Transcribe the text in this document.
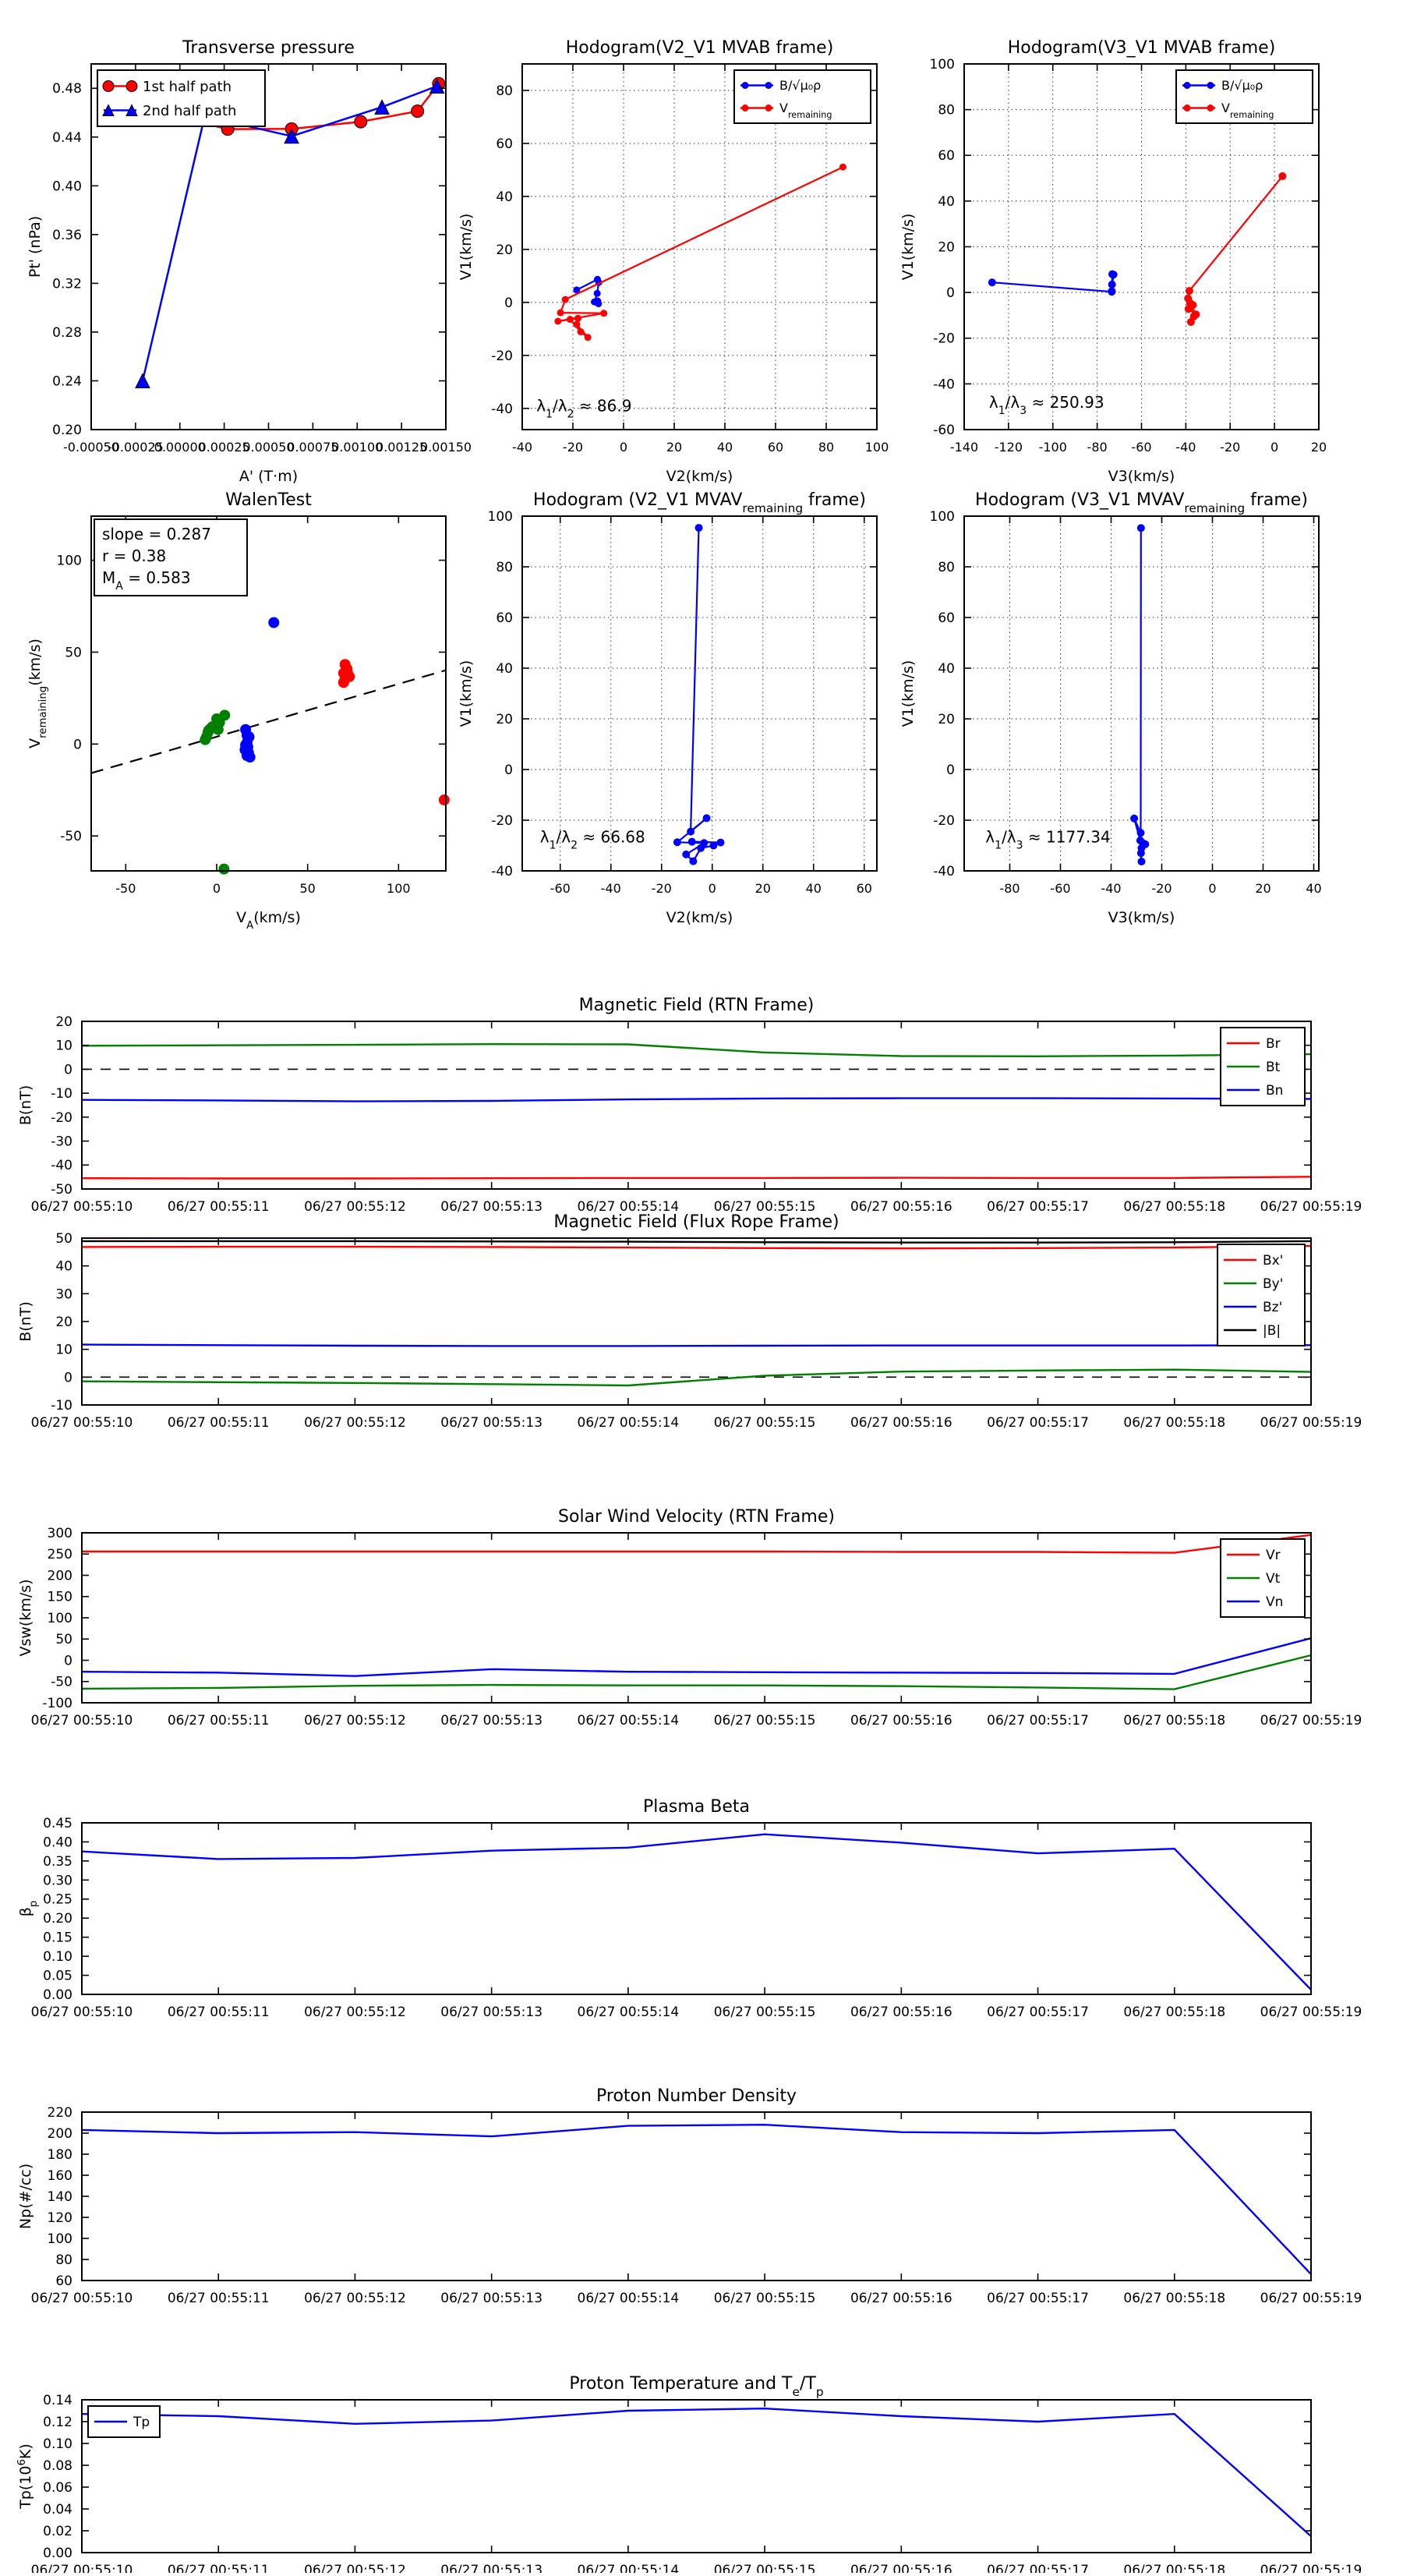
-0.00050
-0.00025
0.00000
0.00025
0.00050
0.00075
0.00100
0.00125
0.00150
0.20
0.24
0.28
0.32
0.36
0.40
0.44
0.48
Transverse pressure
A' (T·m)
Pt' (nPa)
1st half path
2nd half path
-40 -20	0	20	40	60	80 100
-40
-20
0
20
40
60
80
Hodogram(V2_V1 MVAB frame)
V2(km/s)
V1(km/s)
$\lambda_1/\lambda_2 \approx 86.9$
B/√μ₀ρ
$V_{remaining}$
-140 -120 -100 -80 -60 -40 -20 0	20
-60
-40
-20
0
20
40
60
80
100
Hodogram(V3_V1 MVAB frame)
V3(km/s)
V1(km/s)
$\lambda_1/\lambda_3 \approx 250.93$
B/√μ₀ρ
$V_{remaining}$
-50	0	50	100
-50
0
50
100
WalenTest
$V_A(km/s)$
$V_{remaining}(km/s)$
slope = 0.287
r = 0.38
$M_A = 0.583$
-60 -40 -20	0	20	40	60
-40
-20
0
20
40
60
80
100
Hodogram (V2_V1 $MVAV_{remaining}$ frame)
V2(km/s)
V1(km/s)
$\lambda_1/\lambda_2 \approx 66.68$
-80 -60 -40 -20	0	20	40
-40
-20
0
20
40
60
80
100
Hodogram (V3_V1 $MVAV_{remaining}$ frame)
V3(km/s)
V1(km/s)
$\lambda_1/\lambda_3 \approx 1177.34$
06/27 00:55:10	06/27 00:55:11	06/27 00:55:12	06/27 00:55:13	06/27 00:55:14	06/27 00:55:15	06/27 00:55:16	06/27 00:55:17	06/27 00:55:18	06/27 00:55:19
-50
-40
-30
-20
-10
0
10
20
Magnetic Field (RTN Frame)
B(nT)
Br
Bt
Bn
06/27 00:55:10	06/27 00:55:11	06/27 00:55:12	06/27 00:55:13	06/27 00:55:14	06/27 00:55:15	06/27 00:55:16	06/27 00:55:17	06/27 00:55:18	06/27 00:55:19
-10
0
10
20
30
40
50
Magnetic Field (Flux Rope Frame)
B(nT)
Bx'
By'
Bz'
|B|
06/27 00:55:10	06/27 00:55:11	06/27 00:55:12	06/27 00:55:13	06/27 00:55:14	06/27 00:55:15	06/27 00:55:16	06/27 00:55:17	06/27 00:55:18	06/27 00:55:19
-100
-50
0
50
100
150
200
250
300
Solar Wind Velocity (RTN Frame)
Vsw(km/s)
Vr
Vt
Vn
06/27 00:55:10	06/27 00:55:11	06/27 00:55:12	06/27 00:55:13	06/27 00:55:14	06/27 00:55:15	06/27 00:55:16	06/27 00:55:17	06/27 00:55:18	06/27 00:55:19
0.00
0.05
0.10
0.15
0.20
0.25
0.30
0.35
0.40
0.45
Plasma Beta
$\beta_p$
06/27 00:55:10	06/27 00:55:11	06/27 00:55:12	06/27 00:55:13	06/27 00:55:14	06/27 00:55:15	06/27 00:55:16	06/27 00:55:17	06/27 00:55:18	06/27 00:55:19
60
80
100
120
140
160
180
200
220
Proton Number Density
Np(#/cc)
06/27 00:55:10	06/27 00:55:11	06/27 00:55:12	06/27 00:55:13	06/27 00:55:14	06/27 00:55:15	06/27 00:55:16	06/27 00:55:17	06/27 00:55:18	06/27 00:55:19
0.00
0.02
0.04
0.06
0.08
0.10
0.12
0.14
Proton Temperature and $T_e/T_p$
$Tp(10^6K)$
Tp
